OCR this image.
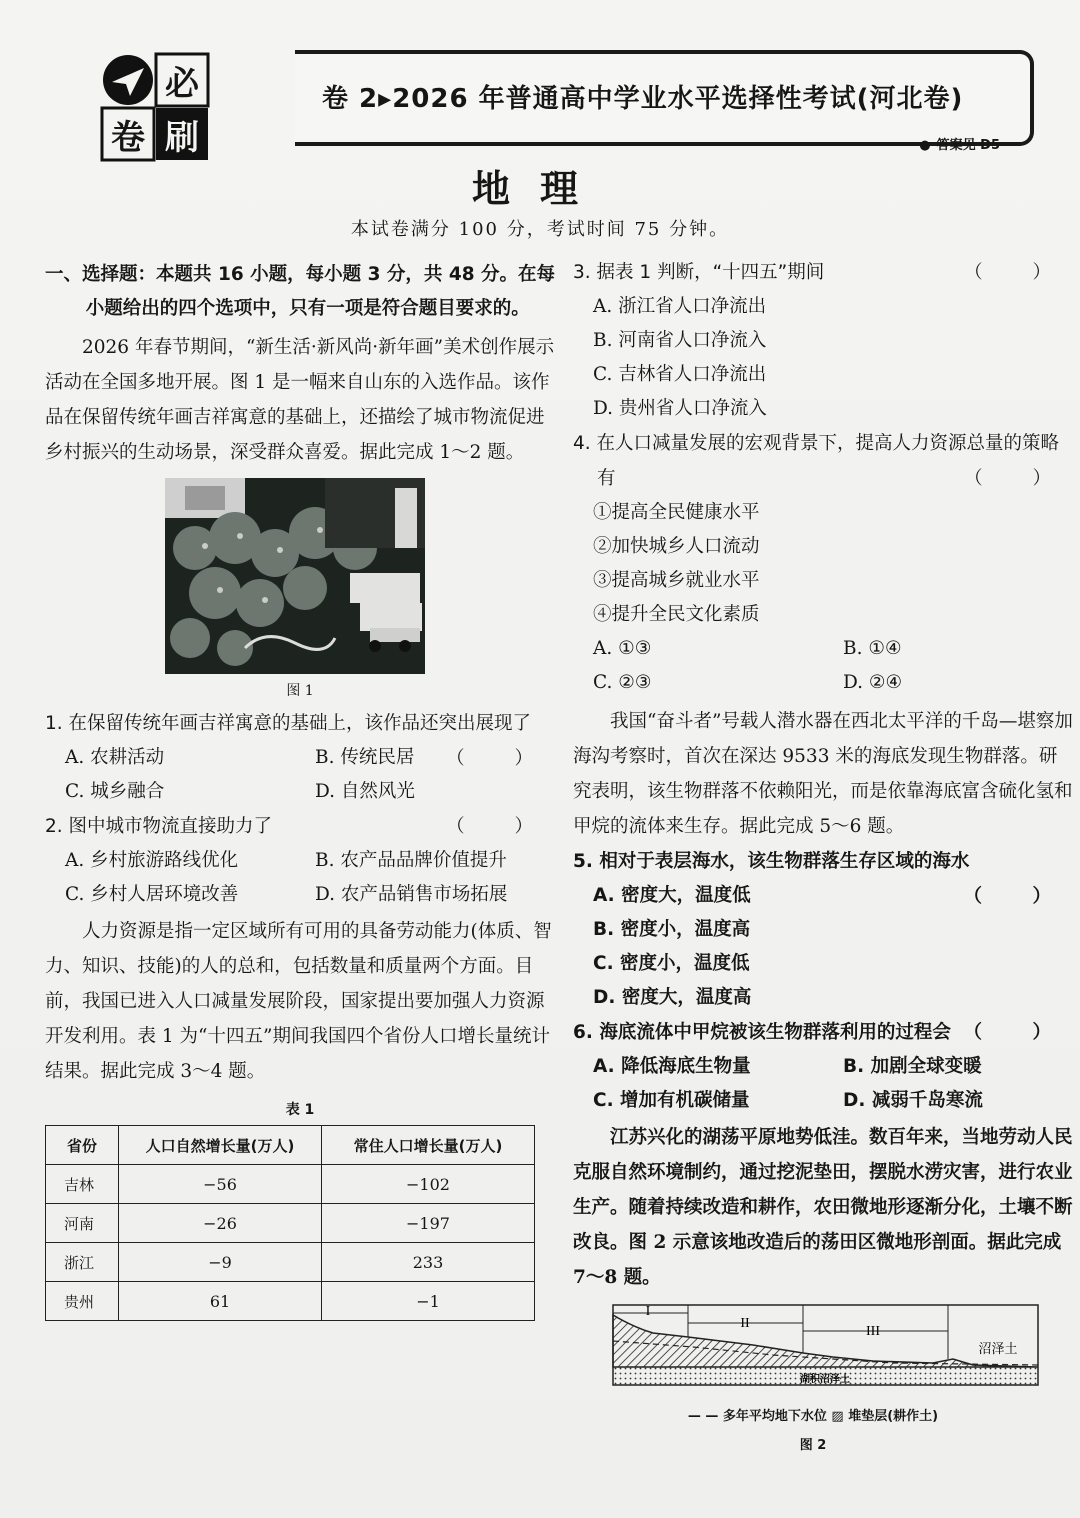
必
卷 刷
卷 2▸2026 年普通高中学业水平选择性考试(河北卷)
● 答案见 D5
地理
本试卷满分 100 分，考试时间 75 分钟。

一、选择题：本题共 16 小题，每小题 3 分，共 48 分。在每小题给出的四个选项中，只有一项是符合题目要求的。

2026 年春节期间，“新生活·新风尚·新年画”美术创作展示活动在全国多地开展。图 1 是一幅来自山东的入选作品。该作品在保留传统年画吉祥寓意的基础上，还描绘了城市物流促进乡村振兴的生动场景，深受群众喜爱。据此完成 1～2 题。

图 1

1. 在保留传统年画吉祥寓意的基础上，该作品还突出展现了
（ ）

A. 农耕活动	B. 传统民居
C. 城乡融合	D. 自然风光

2. 图中城市物流直接助力了	（ ）

A. 乡村旅游路线优化	B. 农产品品牌价值提升
C. 乡村人居环境改善	D. 农产品销售市场拓展

人力资源是指一定区域所有可用的具备劳动能力(体质、智力、知识、技能)的人的总和，包括数量和质量两个方面。目前，我国已进入人口减量发展阶段，国家提出要加强人力资源开发利用。表 1 为“十四五”期间我国四个省份人口增长量统计结果。据此完成 3～4 题。

表 1
省份	人口自然增长量(万人)	常住人口增长量(万人)
吉林	−56	−102
河南	−26	−197
浙江	−9	233
贵州	61	−1

3. 据表 1 判断，“十四五”期间	（ ）

A. 浙江省人口净流出
B. 河南省人口净流入
C. 吉林省人口净流出
D. 贵州省人口净流入

4. 在人口减量发展的宏观背景下，提高人力资源总量的策略有	（ ）

①提高全民健康水平
②加快城乡人口流动
③提高城乡就业水平
④提升全民文化素质
A. ①③	B. ①④
C. ②③	D. ②④

我国“奋斗者”号载人潜水器在西北太平洋的千岛—堪察加海沟考察时，首次在深达 9533 米的海底发现生物群落。研究表明，该生物群落不依赖阳光，而是依靠海底富含硫化氢和甲烷的流体来生存。据此完成 5～6 题。

5. 相对于表层海水，该生物群落生存区域的海水
（ ）

A. 密度大，温度低
B. 密度小，温度高
C. 密度小，温度低
D. 密度大，温度高

6. 海底流体中甲烷被该生物群落利用的过程会 （ ）

A. 降低海底生物量	B. 加剧全球变暖
C. 增加有机碳储量	D. 减弱千岛寒流

江苏兴化的湖荡平原地势低洼。数百年来，当地劳动人民克服自然环境制约，通过挖泥垫田，摆脱水涝灾害，进行农业生产。随着持续改造和耕作，农田微地形逐渐分化，土壤不断改良。图 2 示意该地改造后的荡田区微地形剖面。据此完成 7～8 题。

I
II
III
沼泽土
湖积沼泽土
— — 多年平均地下水位 ▨ 堆垫层(耕作土)
图 2
